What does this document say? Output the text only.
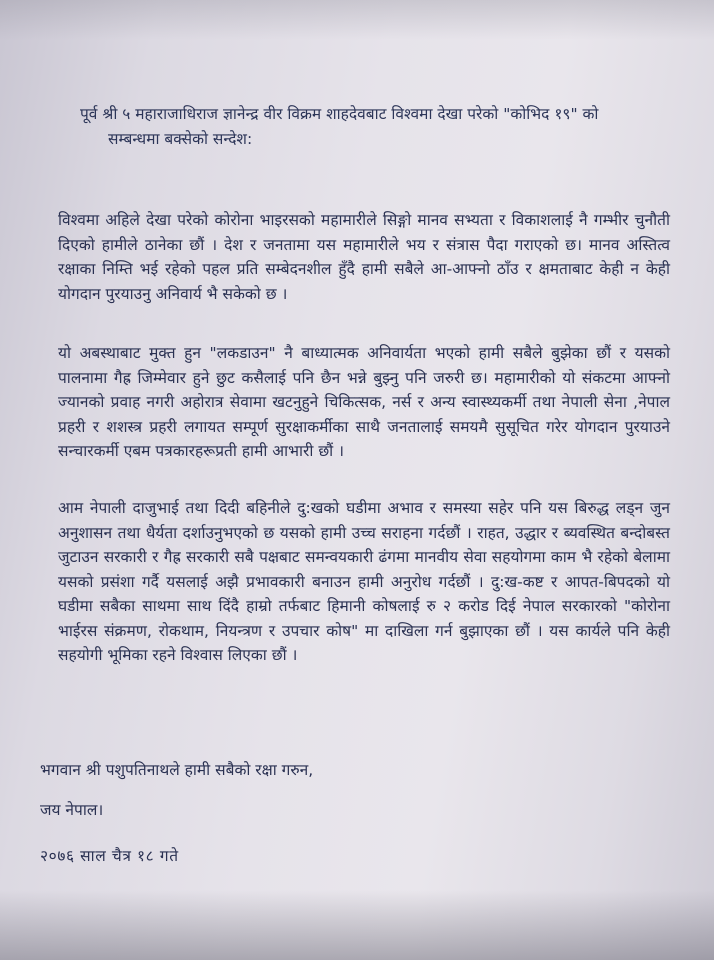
पूर्व श्री ५ महाराजाधिराज ज्ञानेन्द्र वीर विक्रम शाहदेवबाट विश्वमा देखा परेको "कोभिद १९" को
सम्बन्धमा बक्सेको सन्देश:
विश्वमा अहिले देखा परेको कोरोना भाइरसको महामारीले सिङ्गो मानव सभ्यता र विकाशलाई नै गम्भीर चुनौती दिएको हामीले ठानेका छौं । देश र जनतामा यस महामारीले भय र संत्रास पैदा गराएको छ। मानव अस्तित्व रक्षाका निम्ति भई रहेको पहल प्रति सम्बेदनशील हुँदै हामी सबैले आ-आफ्नो ठाँउ र क्षमताबाट केही न केही योगदान पुरयाउनु अनिवार्य भै सकेको छ ।
यो अबस्थाबाट मुक्त हुन "लकडाउन" नै बाध्यात्मक अनिवार्यता भएको हामी सबैले बुझेका छौं र यसको पालनामा गैह्र जिम्मेवार हुने छुट कसैलाई पनि छैन भन्ने बुझ्नु पनि जरुरी छ। महामारीको यो संकटमा आफ्नो ज्यानको प्रवाह नगरी अहोरात्र सेवामा खटनुहुने चिकित्सक, नर्स र अन्य स्वास्थ्यकर्मी तथा नेपाली सेना ,नेपाल प्रहरी र शशस्त्र प्रहरी लगायत सम्पूर्ण सुरक्षाकर्मीका साथै जनतालाई समयमै सुसूचित गरेर योगदान पुरयाउने सन्चारकर्मी एबम पत्रकारहरूप्रती हामी आभारी छौं ।
आम नेपाली दाजुभाई तथा दिदी बहिनीले दु:खको घडीमा अभाव र समस्या सहेर पनि यस बिरुद्ध लड्न जुन अनुशासन तथा धैर्यता दर्शाउनुभएको छ यसको हामी उच्च सराहना गर्दछौं । राहत, उद्धार र ब्यवस्थित बन्दोबस्त जुटाउन सरकारी र गैह्र सरकारी सबै पक्षबाट समन्वयकारी ढंगमा मानवीय सेवा सहयोगमा काम भै रहेको बेलामा यसको प्रसंशा गर्दै यसलाई अझै प्रभावकारी बनाउन हामी अनुरोध गर्दछौं । दु:ख-कष्ट र आपत-बिपदको यो घडीमा सबैका साथमा साथ दिंदै हाम्रो तर्फबाट हिमानी कोषलाई रु २ करोड दिई नेपाल सरकारको "कोरोना भाईरस संक्रमण, रोकथाम, नियन्त्रण र उपचार कोष" मा दाखिला गर्न बुझाएका छौं । यस कार्यले पनि केही सहयोगी भूमिका रहने विश्वास लिएका छौं ।
भगवान श्री पशुपतिनाथले हामी सबैको रक्षा गरुन,
जय नेपाल।
२०७६ साल चैत्र १८ गते
